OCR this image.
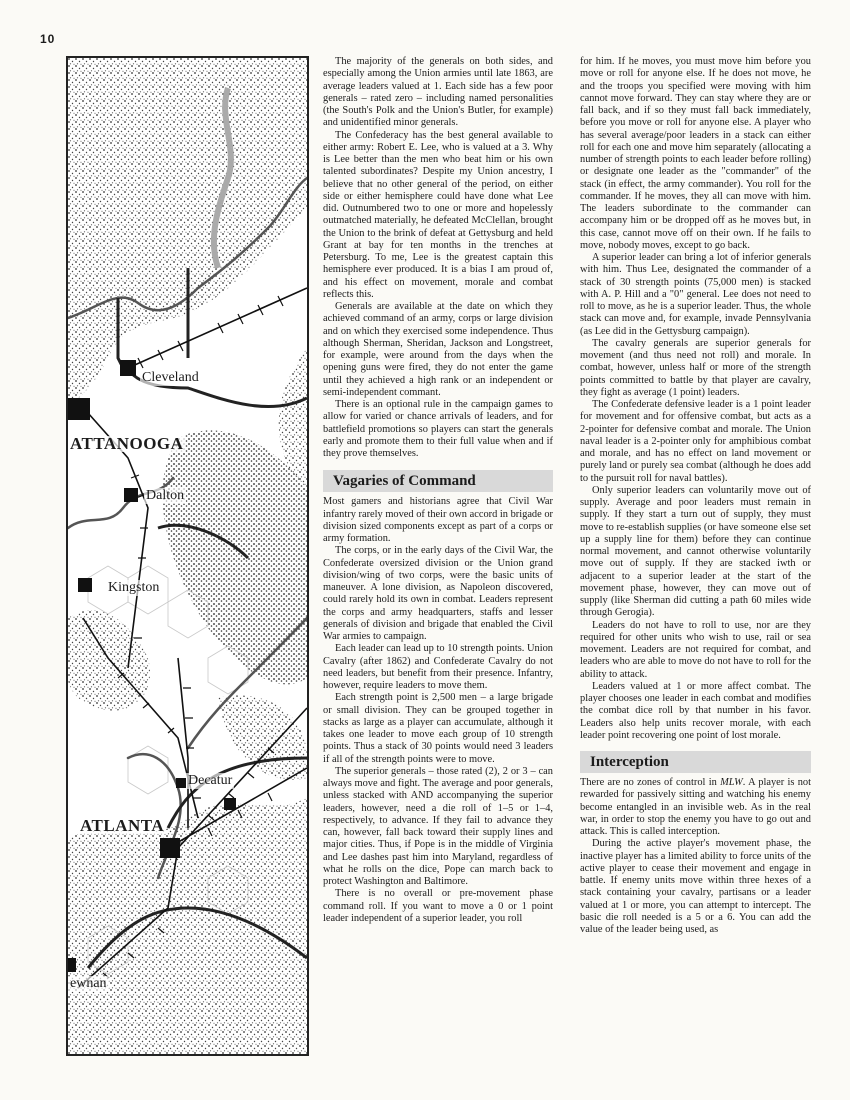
10
Cleveland
ATTANOOGA
Dalton
Kingston
Decatur
ATLANTA
ewnan

The majority of the generals on both sides, and especially among the Union armies until late 1863, are average leaders valued at 1. Each side has a few poor generals – rated zero – including named personalities (the South's Polk and the Union's Butler, for example) and unidentified minor generals.

The Confederacy has the best general available to either army: Robert E. Lee, who is valued at a 3. Why is Lee better than the men who beat him or his own talented subordinates? Despite my Union ancestry, I believe that no other general of the period, on either side or either hemisphere could have done what Lee did. Outnumbered two to one or more and hopelessly outmatched materially, he defeated McClellan, brought the Union to the brink of defeat at Gettysburg and held Grant at bay for ten months in the trenches at Petersburg. To me, Lee is the greatest captain this hemisphere ever produced. It is a bias I am proud of, and his effect on movement, morale and combat reflects this.

Generals are available at the date on which they achieved command of an army, corps or large division and on which they exercised some independence. Thus although Sherman, Sheridan, Jackson and Longstreet, for example, were around from the days when the opening guns were fired, they do not enter the game until they achieved a high rank or an independent or semi-independent commant.

There is an optional rule in the campaign games to allow for varied or chance arrivals of leaders, and for battlefield promotions so players can start the generals early and promote them to their full value when and if they prove themselves.

Vagaries of Command

Most gamers and historians agree that Civil War infantry rarely moved of their own accord in brigade or division sized components except as part of a corps or army formation.

The corps, or in the early days of the Civil War, the Confederate oversized division or the Union grand division/wing of two corps, were the basic units of maneuver. A lone division, as Napoleon discovered, could rarely hold its own in combat. Leaders represent the corps and army headquarters, staffs and lesser generals of division and brigade that enabled the Civil War armies to campaign.

Each leader can lead up to 10 strength points. Union Cavalry (after 1862) and Confederate Cavalry do not need leaders, but benefit from their presence. Infantry, however, require leaders to move them.

Each strength point is 2,500 men – a large brigade or small division. They can be grouped together in stacks as large as a player can accumulate, although it takes one leader to move each group of 10 strength points. Thus a stack of 30 points would need 3 leaders if all of the strength points were to move.

The superior generals – those rated (2), 2 or 3 – can always move and fight. The average and poor generals, unless stacked with AND accompanying the superior leaders, however, need a die roll of 1–5 or 1–4, respectively, to advance. If they fail to advance they can, however, fall back toward their supply lines and major cities. Thus, if Pope is in the middle of Virginia and Lee dashes past him into Maryland, regardless of what he rolls on the dice, Pope can march back to protect Washington and Baltimore.

There is no overall or pre-movement phase command roll. If you want to move a 0 or 1 point leader independent of a superior leader, you roll

for him. If he moves, you must move him before you move or roll for anyone else. If he does not move, he and the troops you specified were moving with him cannot move forward. They can stay where they are or fall back, and if so they must fall back immediately, before you move or roll for anyone else. A player who has several average/poor leaders in a stack can either roll for each one and move him separately (allocating a number of strength points to each leader before rolling) or designate one leader as the "commander" of the stack (in effect, the army commander). You roll for the commander. If he moves, they all can move with him. The leaders subordinate to the commander can accompany him or be dropped off as he moves but, in this case, cannot move off on their own. If he fails to move, nobody moves, except to go back.

A superior leader can bring a lot of inferior generals with him. Thus Lee, designated the commander of a stack of 30 strength points (75,000 men) is stacked with A. P. Hill and a "0" general. Lee does not need to roll to move, as he is a superior leader. Thus, the whole stack can move and, for example, invade Pennsylvania (as Lee did in the Gettysburg campaign).

The cavalry generals are superior generals for movement (and thus need not roll) and morale. In combat, however, unless half or more of the strength points committed to battle by that player are cavalry, they fight as average (1 point) leaders.

The Confederate defensive leader is a 1 point leader for movement and for offensive combat, but acts as a 2-pointer for defensive combat and morale. The Union naval leader is a 2-pointer only for amphibious combat and morale, and has no effect on land movement or purely land or purely sea combat (although he does add to the pursuit roll for naval battles).

Only superior leaders can voluntarily move out of supply. Average and poor leaders must remain in supply. If they start a turn out of supply, they must move to re-establish supplies (or have someone else set up a supply line for them) before they can continue normal movement, and cannot otherwise voluntarily move out of supply. If they are stacked iwth or adjacent to a superior leader at the start of the movement phase, however, they can move out of supply (like Sherman did cutting a path 60 miles wide through Gerogia).

Leaders do not have to roll to use, nor are they required for other units who wish to use, rail or sea movement. Leaders are not required for combat, and leaders who are able to move do not have to roll for the ability to attack.

Leaders valued at 1 or more affect combat. The player chooses one leader in each combat and modifies the combat dice roll by that number in his favor. Leaders also help units recover morale, with each leader point recovering one point of lost morale.

Interception

There are no zones of control in MLW. A player is not rewarded for passively sitting and watching his enemy become entangled in an invisible web. As in the real war, in order to stop the enemy you have to go out and attack. This is called interception.

During the active player's movement phase, the inactive player has a limited ability to force units of the active player to cease their movement and engage in battle. If enemy units move within three hexes of a stack containing your cavalry, partisans or a leader valued at 1 or more, you can attempt to intercept. The basic die roll needed is a 5 or a 6. You can add the value of the leader being used, as
